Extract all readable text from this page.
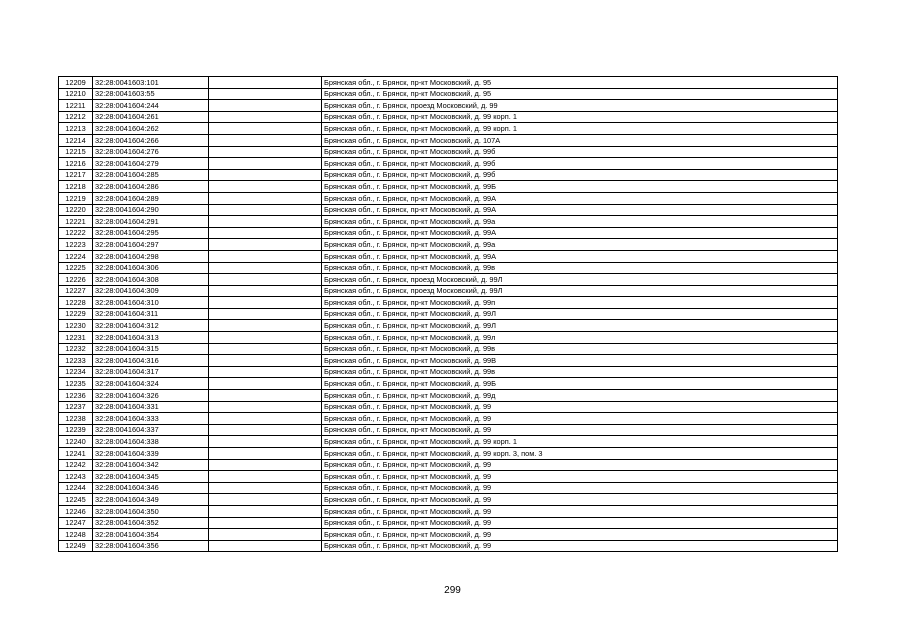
12209	32:28:0041603:101		Брянская обл., г. Брянск, пр-кт Московский, д. 95
12210	32:28:0041603:55		Брянская обл., г. Брянск, пр-кт Московский, д. 95
12211	32:28:0041604:244		Брянская обл., г. Брянск, проезд Московский, д. 99
12212	32:28:0041604:261		Брянская обл., г. Брянск, пр-кт Московский, д. 99 корп. 1
12213	32:28:0041604:262		Брянская обл., г. Брянск, пр-кт Московский, д. 99 корп. 1
12214	32:28:0041604:266		Брянская обл., г. Брянск, пр-кт Московский, д. 107А
12215	32:28:0041604:276		Брянская обл., г. Брянск, пр-кт Московский, д. 99б
12216	32:28:0041604:279		Брянская обл., г. Брянск, пр-кт Московский, д. 99б
12217	32:28:0041604:285		Брянская обл., г. Брянск, пр-кт Московский, д. 99б
12218	32:28:0041604:286		Брянская обл., г. Брянск, пр-кт Московский, д. 99Б
12219	32:28:0041604:289		Брянская обл., г. Брянск, пр-кт Московский, д. 99А
12220	32:28:0041604:290		Брянская обл., г. Брянск, пр-кт Московский, д. 99А
12221	32:28:0041604:291		Брянская обл., г. Брянск, пр-кт Московский, д. 99а
12222	32:28:0041604:295		Брянская обл., г. Брянск, пр-кт Московский, д. 99А
12223	32:28:0041604:297		Брянская обл., г. Брянск, пр-кт Московский, д. 99а
12224	32:28:0041604:298		Брянская обл., г. Брянск, пр-кт Московский, д. 99А
12225	32:28:0041604:306		Брянская обл., г. Брянск, пр-кт Московский, д. 99в
12226	32:28:0041604:308		Брянская обл., г. Брянск, проезд Московский, д. 99Л
12227	32:28:0041604:309		Брянская обл., г. Брянск, проезд Московский, д. 99Л
12228	32:28:0041604:310		Брянская обл., г. Брянск, пр-кт Московский, д. 99п
12229	32:28:0041604:311		Брянская обл., г. Брянск, пр-кт Московский, д. 99Л
12230	32:28:0041604:312		Брянская обл., г. Брянск, пр-кт Московский, д. 99Л
12231	32:28:0041604:313		Брянская обл., г. Брянск, пр-кт Московский, д. 99л
12232	32:28:0041604:315		Брянская обл., г. Брянск, пр-кт Московский, д. 99в
12233	32:28:0041604:316		Брянская обл., г. Брянск, пр-кт Московский, д. 99В
12234	32:28:0041604:317		Брянская обл., г. Брянск, пр-кт Московский, д. 99в
12235	32:28:0041604:324		Брянская обл., г. Брянск, пр-кт Московский, д. 99Б
12236	32:28:0041604:326		Брянская обл., г. Брянск, пр-кт Московский, д. 99д
12237	32:28:0041604:331		Брянская обл., г. Брянск, пр-кт Московский, д. 99
12238	32:28:0041604:333		Брянская обл., г. Брянск, пр-кт Московский, д. 99
12239	32:28:0041604:337		Брянская обл., г. Брянск, пр-кт Московский, д. 99
12240	32:28:0041604:338		Брянская обл., г. Брянск, пр-кт Московский, д. 99 корп. 1
12241	32:28:0041604:339		Брянская обл., г. Брянск, пр-кт Московский, д. 99 корп. 3, пом. 3
12242	32:28:0041604:342		Брянская обл., г. Брянск, пр-кт Московский, д. 99
12243	32:28:0041604:345		Брянская обл., г. Брянск, пр-кт Московский, д. 99
12244	32:28:0041604:346		Брянская обл., г. Брянск, пр-кт Московский, д. 99
12245	32:28:0041604:349		Брянская обл., г. Брянск, пр-кт Московский, д. 99
12246	32:28:0041604:350		Брянская обл., г. Брянск, пр-кт Московский, д. 99
12247	32:28:0041604:352		Брянская обл., г. Брянск, пр-кт Московский, д. 99
12248	32:28:0041604:354		Брянская обл., г. Брянск, пр-кт Московский, д. 99
12249	32:28:0041604:356		Брянская обл., г. Брянск, пр-кт Московский, д. 99
299
